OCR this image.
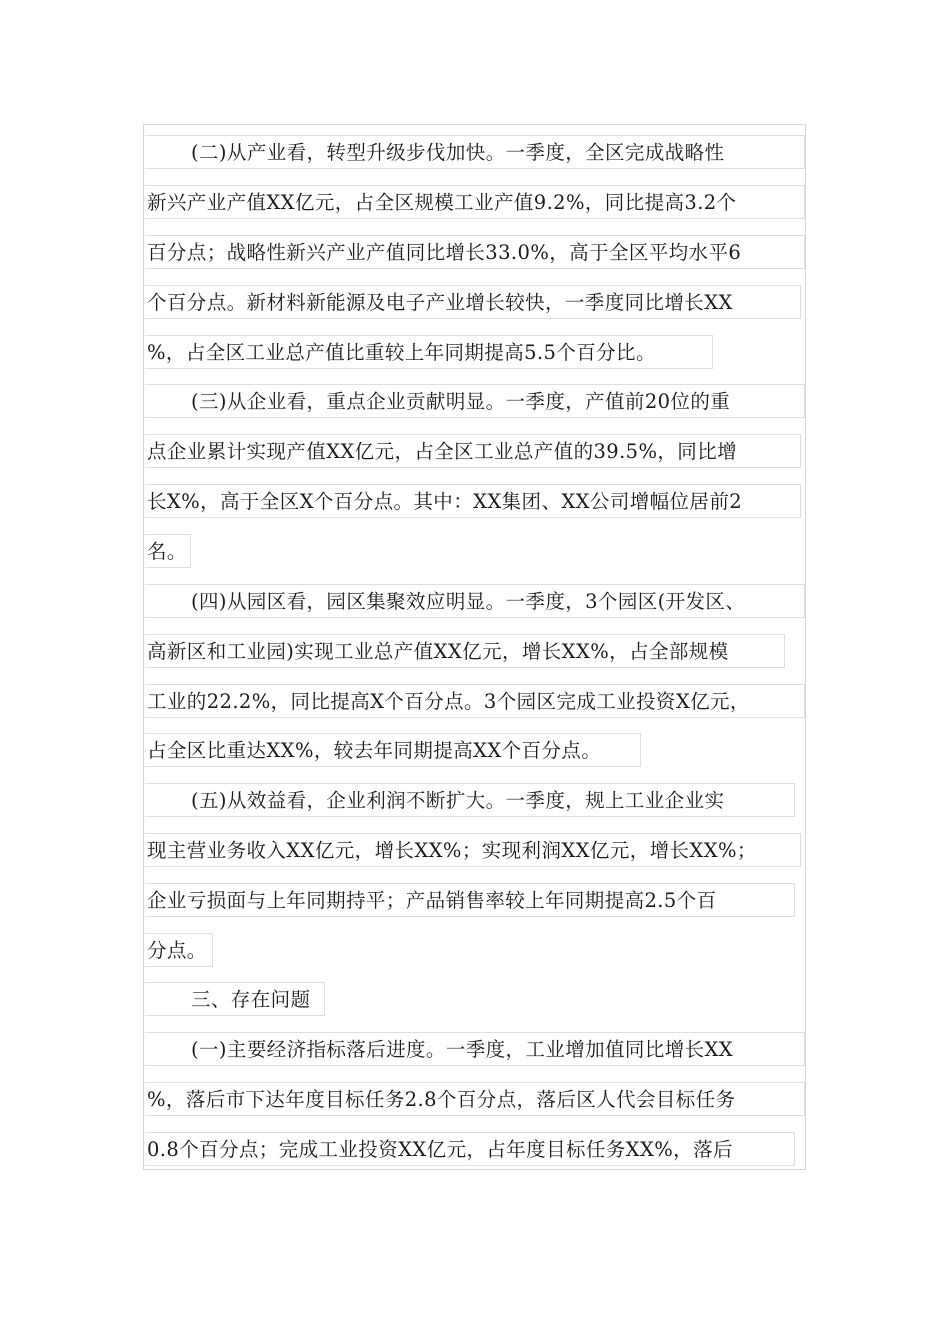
(二)从产业看，转型升级步伐加快。一季度，全区完成战略性
新兴产业产值XX亿元，占全区规模工业产值9.2%，同比提高3.2个
百分点；战略性新兴产业产值同比增长33.0%，高于全区平均水平6
个百分点。新材料新能源及电子产业增长较快，一季度同比增长XX
%，占全区工业总产值比重较上年同期提高5.5个百分比。
(三)从企业看，重点企业贡献明显。一季度，产值前20位的重
点企业累计实现产值XX亿元，占全区工业总产值的39.5%，同比增
长X%，高于全区X个百分点。其中：XX集团、XX公司增幅位居前2
名。
(四)从园区看，园区集聚效应明显。一季度，3个园区(开发区、
高新区和工业园)实现工业总产值XX亿元，增长XX%，占全部规模
工业的22.2%，同比提高X个百分点。3个园区完成工业投资X亿元，
占全区比重达XX%，较去年同期提高XX个百分点。
(五)从效益看，企业利润不断扩大。一季度，规上工业企业实
现主营业务收入XX亿元，增长XX%；实现利润XX亿元，增长XX%；
企业亏损面与上年同期持平；产品销售率较上年同期提高2.5个百
分点。
三、存在问题
(一)主要经济指标落后进度。一季度，工业增加值同比增长XX
%，落后市下达年度目标任务2.8个百分点，落后区人代会目标任务
0.8个百分点；完成工业投资XX亿元，占年度目标任务XX%，落后
